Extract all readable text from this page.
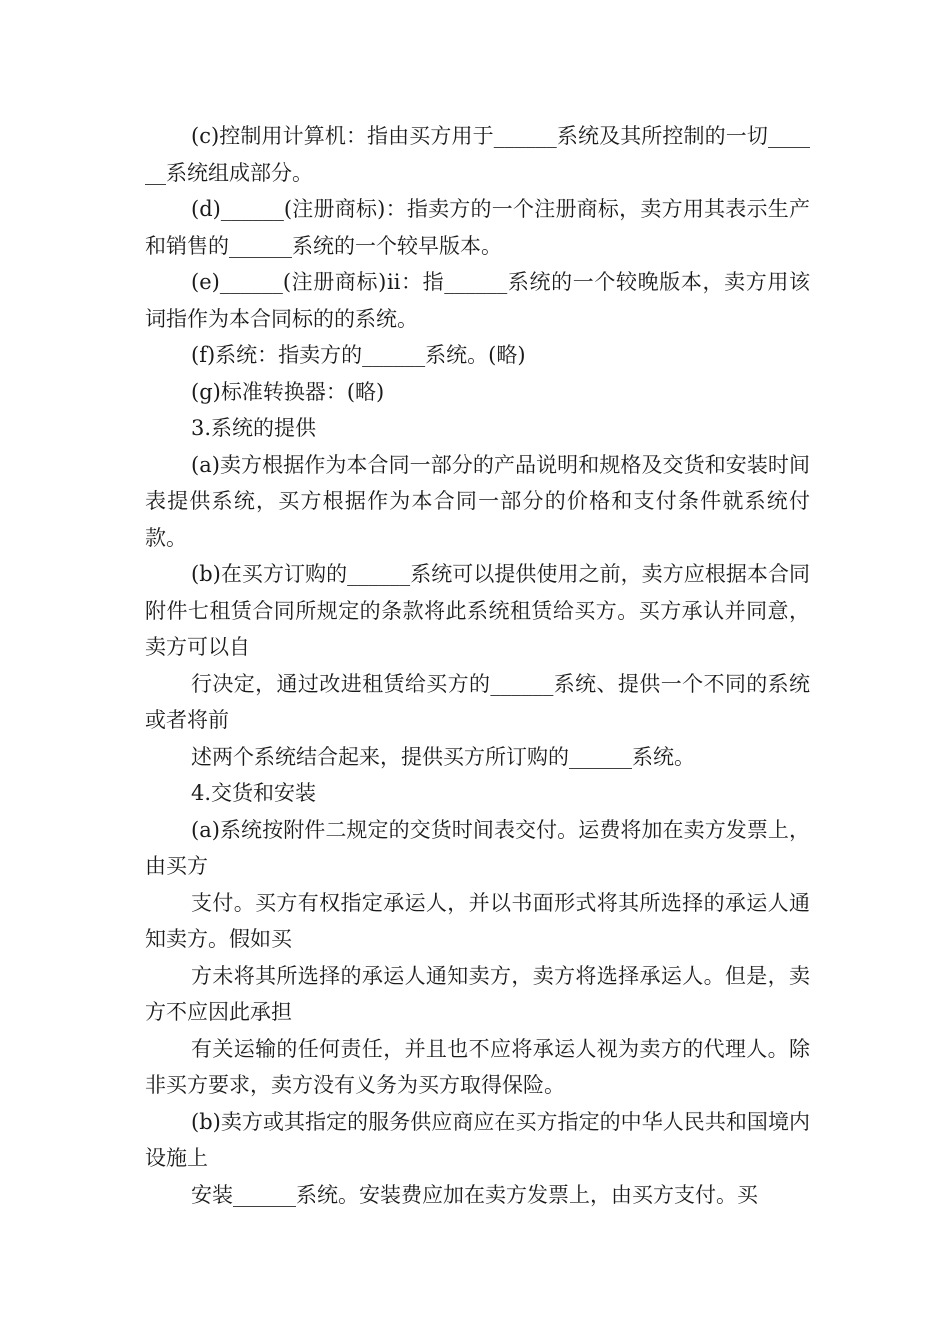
(c)控制用计算机：指由买方用于______系统及其所控制的一切______系统组成部分。

(d)______(注册商标)：指卖方的一个注册商标，卖方用其表示生产和销售的______系统的一个较早版本。

(e)______(注册商标)ⅱ：指______系统的一个较晚版本，卖方用该词指作为本合同标的的系统。

(f)系统：指卖方的______系统。(略)

(g)标准转换器：(略)

3.系统的提供

(a)卖方根据作为本合同一部分的产品说明和规格及交货和安装时间表提供系统，买方根据作为本合同一部分的价格和支付条件就系统付款。

(b)在买方订购的______系统可以提供使用之前，卖方应根据本合同附件七租赁合同所规定的条款将此系统租赁给买方。买方承认并同意，卖方可以自

行决定，通过改进租赁给买方的______系统、提供一个不同的系统或者将前

述两个系统结合起来，提供买方所订购的______系统。

4.交货和安装

(a)系统按附件二规定的交货时间表交付。运费将加在卖方发票上，由买方

支付。买方有权指定承运人，并以书面形式将其所选择的承运人通知卖方。假如买

方未将其所选择的承运人通知卖方，卖方将选择承运人。但是，卖方不应因此承担

有关运输的任何责任，并且也不应将承运人视为卖方的代理人。除非买方要求，卖方没有义务为买方取得保险。

(b)卖方或其指定的服务供应商应在买方指定的中华人民共和国境内设施上

安装______系统。安装费应加在卖方发票上，由买方支付。买
